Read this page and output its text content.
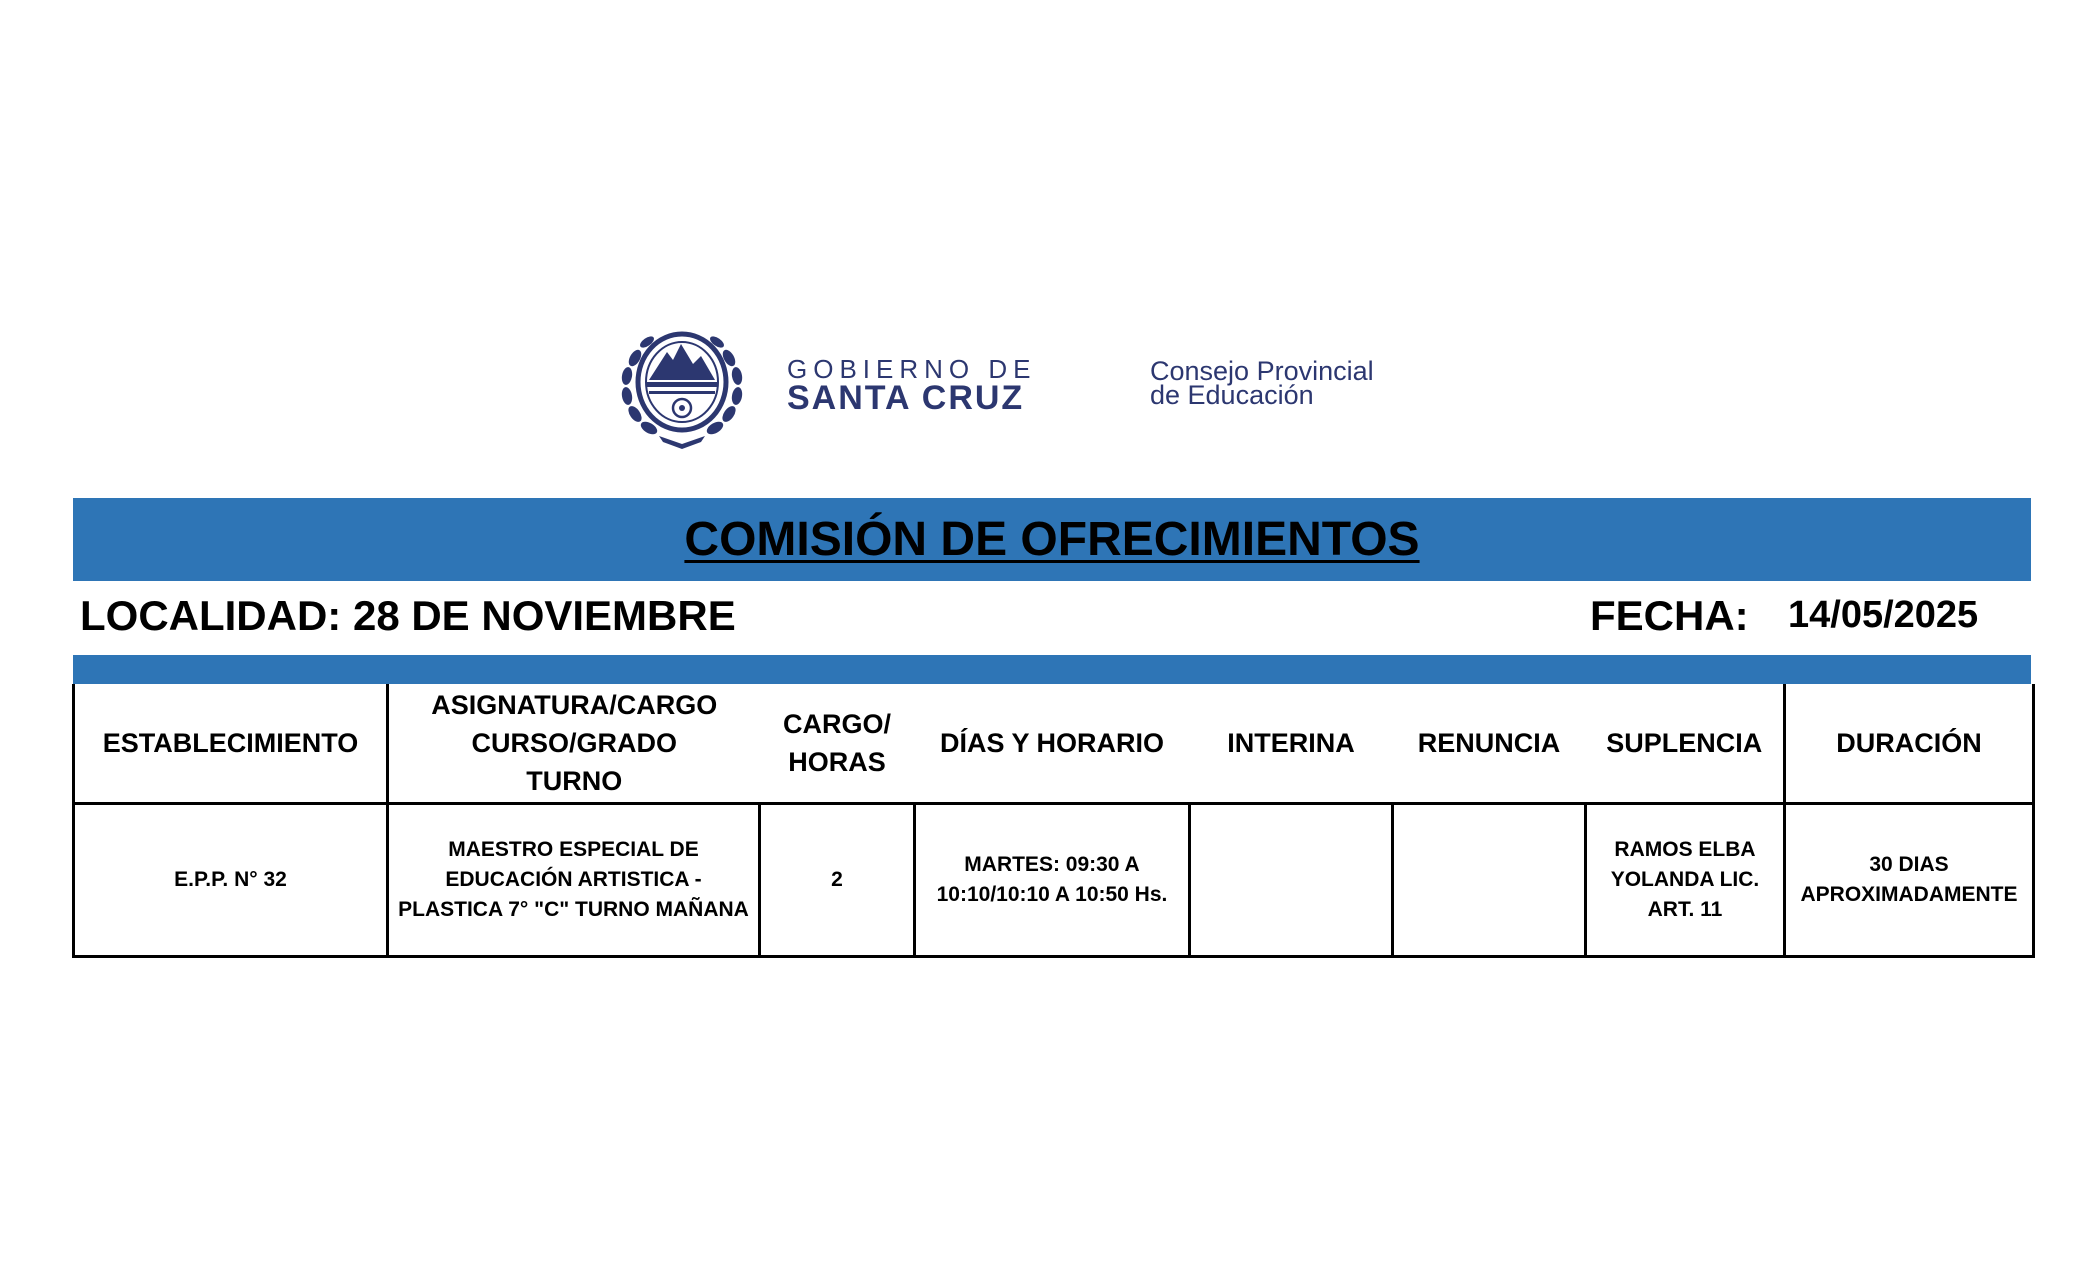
GOBIERNO DE
SANTA CRUZ
Consejo Provincial
de Educación
COMISIÓN DE OFRECIMIENTOS
LOCALIDAD: 28 DE NOVIEMBRE	FECHA: 14/05/2025
ESTABLECIMIENTO	ASIGNATURA/CARGO CURSO/GRADO TURNO	CARGO/ HORAS	DÍAS Y HORARIO	INTERINA	RENUNCIA	SUPLENCIA	DURACIÓN
E.P.P. N° 32	MAESTRO ESPECIAL DE EDUCACIÓN ARTISTICA - PLASTICA 7° "C" TURNO MAÑANA	2	MARTES: 09:30 A 10:10/10:10 A 10:50 Hs.			RAMOS ELBA YOLANDA LIC. ART. 11	30 DIAS APROXIMADAMENTE
